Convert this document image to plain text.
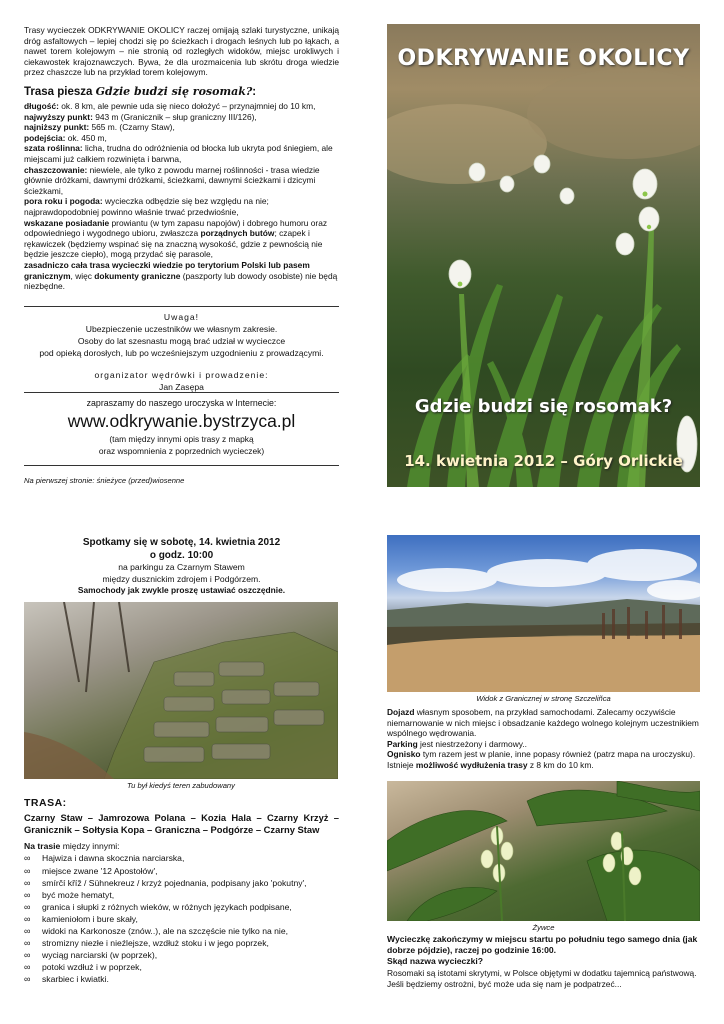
Trasy wycieczek ODKRYWANIE OKOLICY raczej omijają szlaki turystyczne, unikają dróg asfaltowych – lepiej chodzi się po ścieżkach i drogach leśnych lub po łąkach, a nawet torem kolejowym – nie stronią od rozległych widoków, miejsc urokliwych i ciekawostek krajoznawczych. Bywa, że dla urozmaicenia lub skrótu droga wiedzie przez chaszcze lub na przykład torem kolejowym.
Trasa piesza Gdzie budzi się rosomak?:
długość: ok. 8 km, ale pewnie uda się nieco dołożyć – przynajmniej do 10 km,
najwyższy punkt: 943 m (Granicznik – słup graniczny III/126),
najniższy punkt: 565 m. (Czarny Staw),
podejścia: ok. 450 m,
szata roślinna: licha, trudna do odróżnienia od błocka lub ukryta pod śniegiem, ale miejscami już całkiem rozwinięta i barwna,
chaszczowanie: niewiele, ale tylko z powodu marnej roślinności - trasa wiedzie głównie dróżkami, dawnymi dróżkami, ścieżkami, dawnymi ścieżkami i dzicymi ścieżkami,
pora roku i pogoda: wycieczka odbędzie się bez względu na nie; najprawdopodobniej powinno właśnie trwać przedwiośnie,
wskazane posiadanie prowiantu (w tym zapasu napojów) i dobrego humoru oraz odpowiedniego i wygodnego ubioru, zwłaszcza porządnych butów; czapek i rękawiczek (będziemy wspinać się na znaczną wysokość, gdzie z pewnością nie będzie jeszcze ciepło), mogą przydać się parasole,
zasadniczo cała trasa wycieczki wiedzie po terytorium Polski lub pasem granicznym, więc dokumenty graniczne (paszporty lub dowody osobiste) nie będą niezbędne.
Uwaga!
Ubezpieczenie uczestników we własnym zakresie.
Osoby do lat szesnastu mogą brać udział w wycieczce
pod opieką dorosłych, lub po wcześniejszym uzgodnieniu z prowadzącymi.
organizator wędrówki i prowadzenie:
Jan Zasępa
zapraszamy do naszego uroczyska w Internecie:
www.odkrywanie.bystrzyca.pl
(tam między innymi opis trasy z mapką
oraz wspomnienia z poprzednich wycieczek)
Na pierwszej stronie: śnieżyce (przed)wiosenne
ODKRYWANIE OKOLICY
Gdzie budzi się rosomak?
14. kwietnia 2012 – Góry Orlickie
Spotkamy się w sobotę, 14. kwietnia 2012
o godz. 10:00
na parkingu za Czarnym Stawem
między dusznickim zdrojem i Podgórzem.
Samochody jak zwykle proszę ustawiać oszczędnie.
Tu był kiedyś teren zabudowany
TRASA:
Czarny Staw – Jamrozowa Polana – Kozia Hala – Czarny Krzyż – Granicznik – Sołtysia Kopa – Graniczna – Podgórze – Czarny Staw
Na trasie między innymi:
∞ Hajwiza i dawna skocznia narciarska,
∞ miejsce zwane '12 Apostołów',
∞ smírčí kříž / Sühnekreuz / krzyż pojednania, podpisany jako 'pokutny',
∞ być może hematyt,
∞ granica i słupki z różnych wieków, w różnych językach podpisane,
∞ kamieniołom i bure skały,
∞ widoki na Karkonosze (znów..), ale na szczęście nie tylko na nie,
∞ stromizny niezłe i nieźlejsze, wzdłuż stoku i w jego poprzek,
∞ wyciąg narciarski (w poprzek),
∞ potoki wzdłuż i w poprzek,
∞ skarbiec i kwiatki.
Widok z Granicznej w stronę Szczeliñca
Dojazd własnym sposobem, na przykład samochodami. Zalecamy oczywiście niemarnowanie w nich miejsc i obsadzanie każdego wolnego kolejnym uczestnikiem wspólnego wędrowania.
Parking jest niestrzeżony i darmowy..
Ognisko tym razem jest w planie, inne popasy również (patrz mapa na uroczysku).
Istnieje możliwość wydłużenia trasy z 8 km do 10 km.
Żywce
Wycieczkę zakończymy w miejscu startu po południu tego samego dnia (jak dobrze pójdzie), raczej po godzinie 16:00.
Skąd nazwa wycieczki?
Rosomaki są istotami skrytymi, w Polsce objętymi w dodatku tajemnicą państwową. Jeśli będziemy ostrożni, być może uda się nam je podpatrzeć...
